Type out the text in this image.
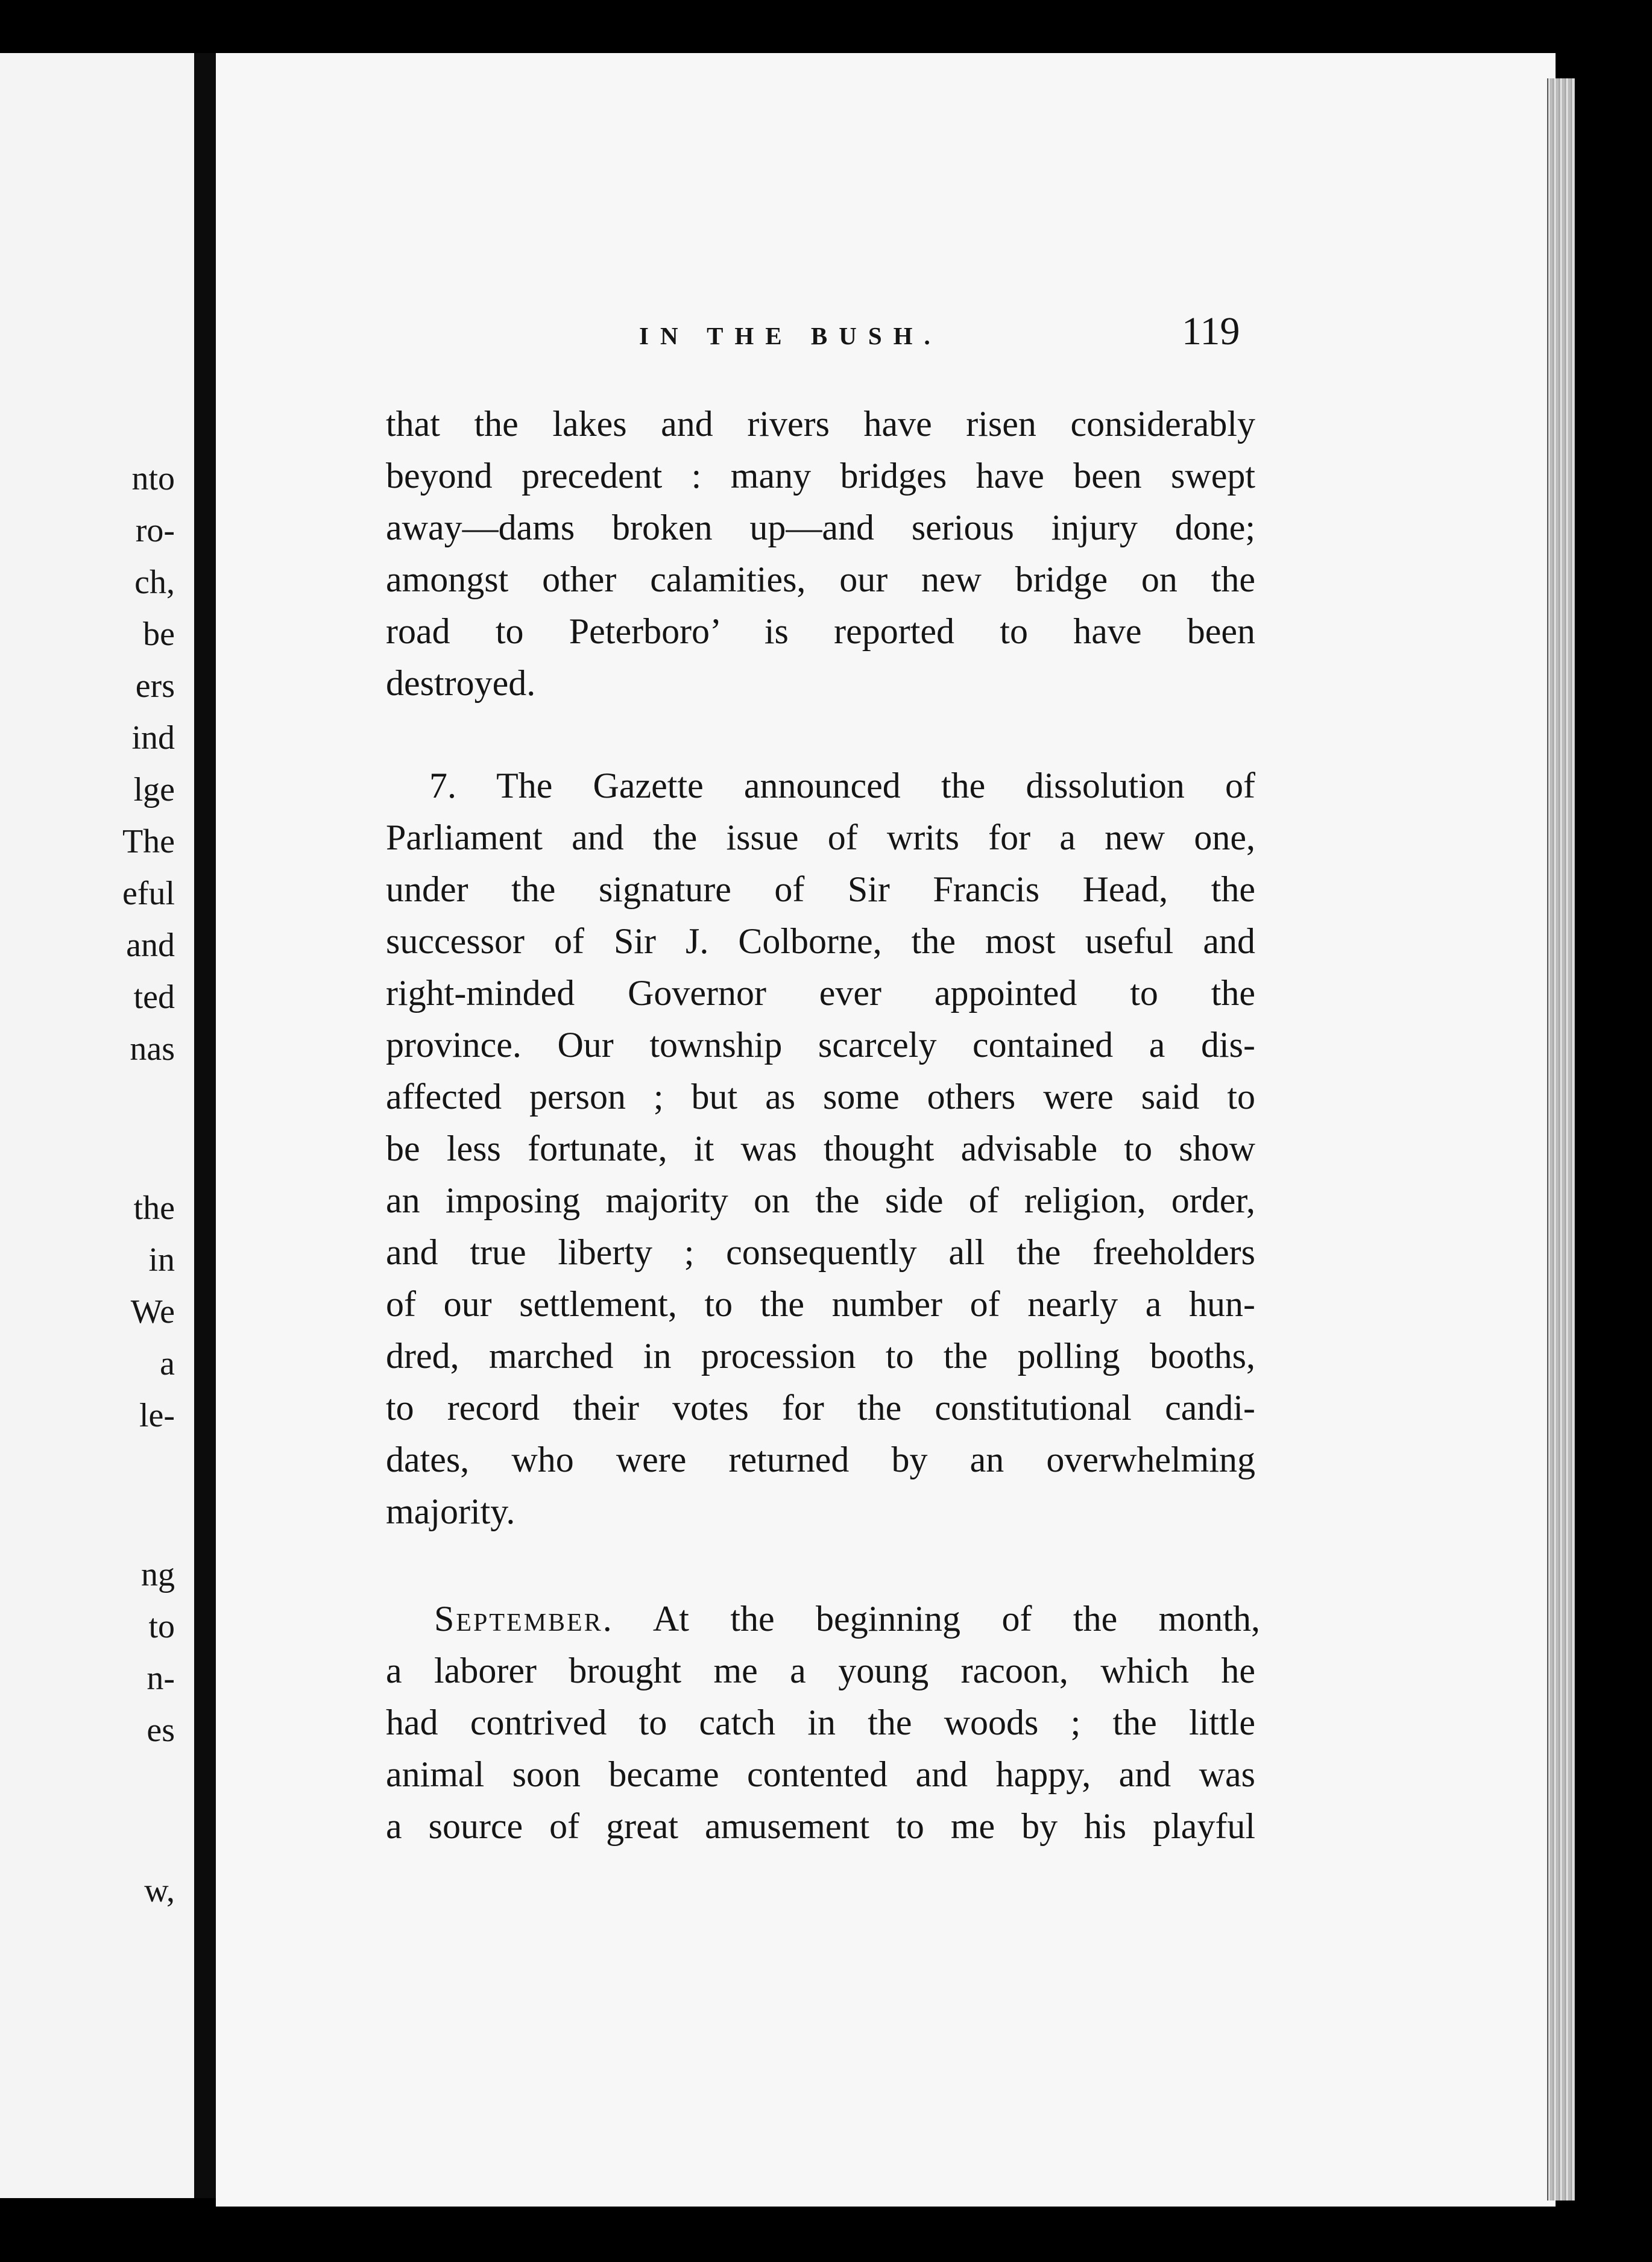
nto
ro-
ch,
be
ers
ind
lge
The
eful
and
ted
nas
the
in
We
a
le-
ng
to
n-
es
w,
IN THE BUSH.	119
that the lakes and rivers have risen considerably
beyond precedent : many bridges have been swept
away—dams broken up—and serious injury done;
amongst other calamities, our new bridge on the
road to Peterboro’ is reported to have been
destroyed.
7. The Gazette announced the dissolution of
Parliament and the issue of writs for a new one,
under the signature of Sir Francis Head, the
successor of Sir J. Colborne, the most useful and
right-minded Governor ever appointed to the
province. Our township scarcely contained a dis-
affected person ; but as some others were said to
be less fortunate, it was thought advisable to show
an imposing majority on the side of religion, order,
and true liberty ; consequently all the freeholders
of our settlement, to the number of nearly a hun-
dred, marched in procession to the polling booths,
to record their votes for the constitutional candi-
dates, who were returned by an overwhelming
majority.
September. At the beginning of the month,
a laborer brought me a young racoon, which he
had contrived to catch in the woods ; the little
animal soon became contented and happy, and was
a source of great amusement to me by his playful
